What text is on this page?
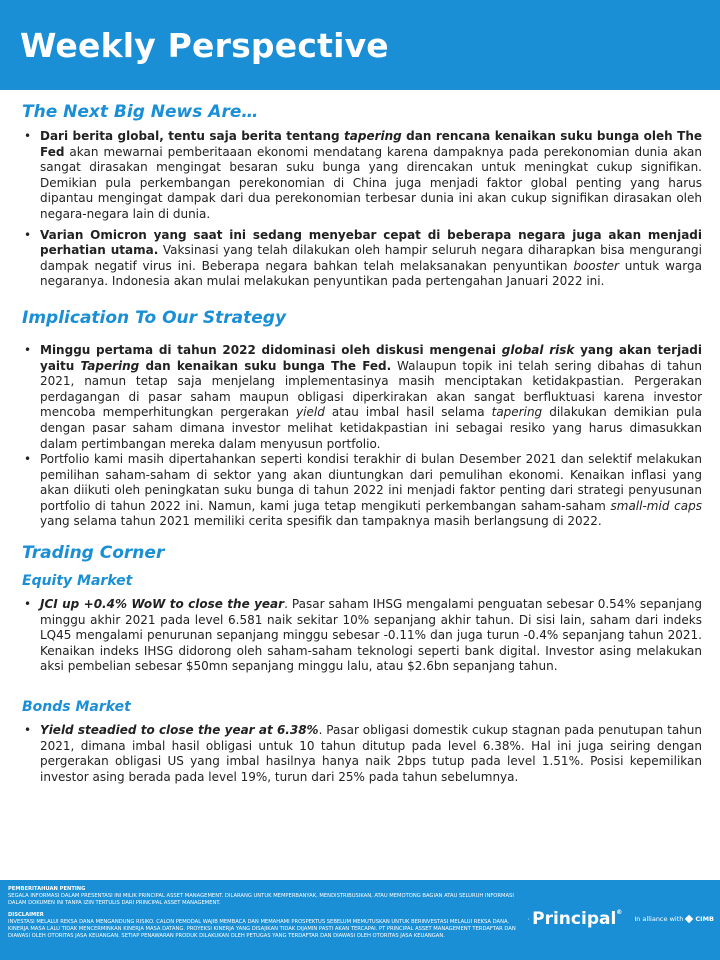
Weekly Perspective
The Next Big News Are…
• Dari berita global, tentu saja berita tentang tapering dan rencana kenaikan suku bunga oleh The Fed akan mewarnai pemberitaaan ekonomi mendatang karena dampaknya pada perekonomian dunia akan sangat dirasakan mengingat besaran suku bunga yang direncakan untuk meningkat cukup signifikan. Demikian pula perkembangan perekonomian di China juga menjadi faktor global penting yang harus dipantau mengingat dampak dari dua perekonomian terbesar dunia ini akan cukup signifikan dirasakan oleh negara-negara lain di dunia.
• Varian Omicron yang saat ini sedang menyebar cepat di beberapa negara juga akan menjadi perhatian utama. Vaksinasi yang telah dilakukan oleh hampir seluruh negara diharapkan bisa mengurangi dampak negatif virus ini. Beberapa negara bahkan telah melaksanakan penyuntikan booster untuk warga negaranya. Indonesia akan mulai melakukan penyuntikan pada pertengahan Januari 2022 ini.
Implication To Our Strategy
• Minggu pertama di tahun 2022 didominasi oleh diskusi mengenai global risk yang akan terjadi yaitu Tapering dan kenaikan suku bunga The Fed. Walaupun topik ini telah sering dibahas di tahun 2021, namun tetap saja menjelang implementasinya masih menciptakan ketidakpastian. Pergerakan perdagangan di pasar saham maupun obligasi diperkirakan akan sangat berfluktuasi karena investor mencoba memperhitungkan pergerakan yield atau imbal hasil selama tapering dilakukan demikian pula dengan pasar saham dimana investor melihat ketidakpastian ini sebagai resiko yang harus dimasukkan dalam pertimbangan mereka dalam menyusun portfolio.
• Portfolio kami masih dipertahankan seperti kondisi terakhir di bulan Desember 2021 dan selektif melakukan pemilihan saham-saham di sektor yang akan diuntungkan dari pemulihan ekonomi. Kenaikan inflasi yang akan diikuti oleh peningkatan suku bunga di tahun 2022 ini menjadi faktor penting dari strategi penyusunan portfolio di tahun 2022 ini. Namun, kami juga tetap mengikuti perkembangan saham-saham small-mid caps yang selama tahun 2021 memiliki cerita spesifik dan tampaknya masih berlangsung di 2022.
Trading Corner
Equity Market
• JCI up +0.4% WoW to close the year. Pasar saham IHSG mengalami penguatan sebesar 0.54% sepanjang minggu akhir 2021 pada level 6.581 naik sekitar 10% sepanjang akhir tahun. Di sisi lain, saham dari indeks LQ45 mengalami penurunan sepanjang minggu sebesar -0.11% dan juga turun -0.4% sepanjang tahun 2021. Kenaikan indeks IHSG didorong oleh saham-saham teknologi seperti bank digital. Investor asing melakukan aksi pembelian sebesar $50mn sepanjang minggu lalu, atau $2.6bn sepanjang tahun.
Bonds Market
• Yield steadied to close the year at 6.38%. Pasar obligasi domestik cukup stagnan pada penutupan tahun 2021, dimana imbal hasil obligasi untuk 10 tahun ditutup pada level 6.38%. Hal ini juga seiring dengan pergerakan obligasi US yang imbal hasilnya hanya naik 2bps tutup pada level 1.51%. Posisi kepemilikan investor asing berada pada level 19%, turun dari 25% pada tahun sebelumnya.
PEMBERITAHUAN PENTING
SEGALA INFORMASI DALAM PRESENTASI INI MILIK PRINCIPAL ASSET MANAGEMENT. DILARANG UNTUK MEMPERBANYAK, MENDISTRIBUSIKAN, ATAU MEMOTONG BAGIAN ATAU SELURUH INFORMASI DALAM DOKUMEN INI TANPA IZIN TERTULIS DARI PRINCIPAL ASSET MANAGEMENT.
DISCLAIMER
INVESTASI MELALUI REKSA DANA MENGANDUNG RISIKO. CALON PEMODAL WAJIB MEMBACA DAN MEMAHAMI PROSPEKTUS SEBELUM MEMUTUSKAN UNTUK BERINVESTASI MELALUI REKSA DANA. KINERJA MASA LALU TIDAK MENCERMINKAN KINERJA MASA DATANG. PROYEKSI KINERJA YANG DISAJIKAN TIDAK DIJAMIN PASTI AKAN TERCAPAI. PT PRINCIPAL ASSET MANAGEMENT TERDAFTAR DAN DIAWASI OLEH OTORITAS JASA KEUANGAN. SETIAP PENAWARAN PRODUK DILAKUKAN OLEH PETUGAS YANG TERDAFTAR DAN DIAWASI OLEH OTORITAS JASA KEUANGAN.
Principal®
In alliance with CIMB
